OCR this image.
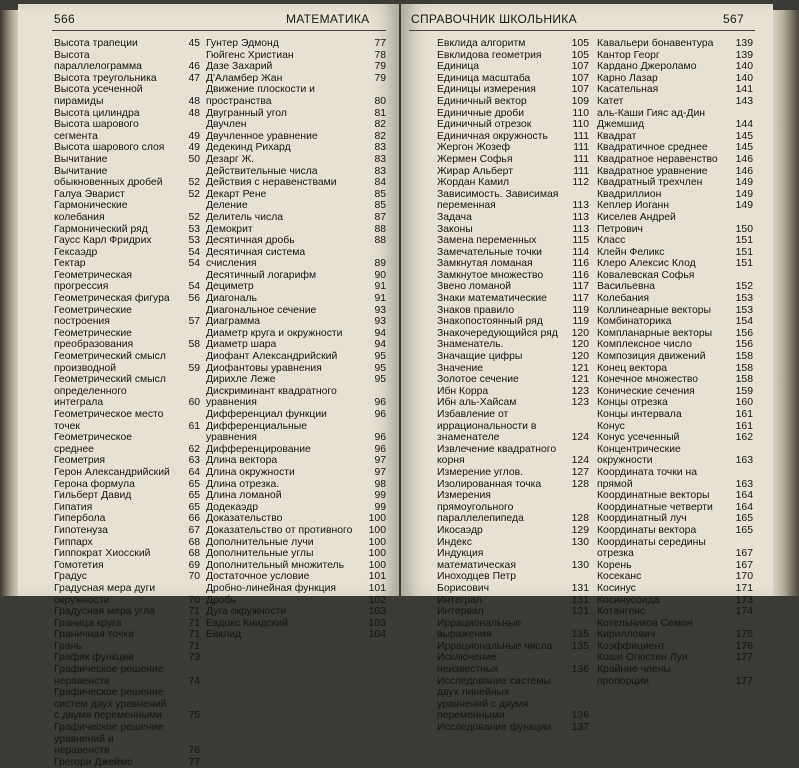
566	МАТЕМАТИКА
Высота трапеции	45
Высота параллелограмма	46
Высота треугольника	47
Высота усеченной пирамиды	48
Высота цилиндра	48
Высота шарового сегмента	49
Высота шарового слоя	49
Вычитание	50
Вычитание обыкновенных дробей	52
Галуа Эварист	52
Гармонические колебания	52
Гармонический ряд	53
Гаусс Карл Фридрих	53
Гексаэдр	54
Гектар	54
Геометрическая прогрессия	54
Геометрическая фигура	56
Геометрические построения	57
Геометрические преобразования	58
Геометрический смысл производной	59
Геометрический смысл определенного интеграла	60
Геометрическое место точек	61
Геометрическое среднее	62
Геометрия	63
Герон Александрийский	64
Герона формула	65
Гильберт Давид	65
Гипатия	65
Гипербола	66
Гипотенуза	67
Гиппарх	68
Гиппократ Хиосский	68
Гомотетия	69
Градус	70
Градусная мера дуги окружности	70
Градусная мера угла	71
Граница круга	71
Граничная точка	71
Грань	71
График функции	73
Графическое решение неравенств	74
Графическое решение систем двух уравнений с двумя переменными	75
Графическое решение уравнений и неравенств	76
Грегори Джеймс	77
Гунтер Эдмонд	77
Гюйгенс Христиан	78
Дазе Захарий	79
Д'Аламбер Жан	79
Движение плоскости и пространства	80
Двугранный угол	81
Двучлен	82
Двучленное уравнение	82
Дедекинд Рихард	83
Дезарг Ж.	83
Действительные числа	83
Действия с неравенствами	84
Декарт Рене	85
Деление	85
Делитель числа	87
Демокрит	88
Десятичная дробь	88
Десятичная система счисления	89
Десятичный логарифм	90
Дециметр	91
Диагональ	91
Диагональное сечение	93
Диаграмма	93
Диаметр круга и окружности	94
Диаметр шара	94
Диофант Александрийский	95
Диофантовы уравнения	95
Дирихле Леже	95
Дискриминант квадратного уравнения	96
Дифференциал функции	96
Дифференциальные уравнения	96
Дифференцирование	96
Длина вектора	97
Длина окружности	97
Длина отрезка.	98
Длина ломаной	99
Додекаэдр	99
Доказательство	100
Доказательство от противного	100
Дополнительные лучи	100
Дополнительные углы	100
Дополнительный множитель	100
Достаточное условие	101
Дробно-линейная функция	101
Дробь	102
Дуга окружности	103
Евдокс Книдский	103
Евклид	104
СПРАВОЧНИК ШКОЛЬНИКА	567
Евклида алгоритм	105
Евклидова геометрия	105
Единица	107
Единица масштаба	107
Единицы измерения	107
Единичный вектор	109
Единичные дроби	110
Единичный отрезок	110
Единичная окружность	111
Жергон Жозеф	111
Жермен Софья	111
Жирар Альберт	111
Жордан Камил	112
Зависимость. Зависимая переменная	113
Задача	113
Законы	113
Замена переменных	115
Замечательные точки	114
Замкнутая ломаная	116
Замкнутое множество	116
Звено ломаной	117
Знаки математические	117
Знаков правило	119
Знакопостоянный ряд	119
Знакочередующийся ряд	120
Знаменатель.	120
Значащие цифры	120
Значение	121
Золотое сечение	121
Ибн Корра	123
Ибн аль-Хайсам	123
Избавление от иррациональности в знаменателе	124
Извлечение квадратного корня	124
Измерение углов.	127
Изолированная точка	128
Измерения прямоугольного параллелепипеда	128
Икосаэдр	129
Индекс	130
Индукция математическая	130
Иноходцев Петр Борисович	131
Интеграл	131
Интервал	131
Иррациональные выражения	135
Иррациональные числа	135
Исключение неизвестных	136
Исследование системы двух линейных уравнений с двумя переменными	136
Исследование функции	137
Кавальери бонавентура	139
Кантор Георг	139
Кардано Джероламо	140
Карно Лазар	140
Касательная	141
Катет	143
аль-Каши Гияс ад-Дин Джемшид	144
Квадрат	145
Квадратичное среднее	145
Квадратное неравенство	146
Квадратное уравнение	146
Квадратный трехчлен	149
Квадриллион	149
Кеплер Иоганн	149
Киселев Андрей Петрович	150
Класс	151
Клейн Феликс	151
Клеро Алексис Клод	151
Ковалевская Софья Васильевна	152
Колебания	153
Коллинеарные векторы	153
Комбинаторика	154
Компланарные векторы	156
Комплексное число	156
Композиция движений	158
Конец вектора	158
Конечное множество	158
Конические сечения	159
Концы отрезка	160
Концы интервала	161
Конус	161
Конус усеченный	162
Концентрические окружности	163
Координата точки на прямой	163
Координатные векторы	164
Координатные четверти	164
Координатный луч	165
Координаты вектора	165
Координаты середины отрезка	167
Корень	167
Косеканс	170
Косинус	171
Косинусоида	173
Котангенс	174
Котельников Семен Кириллович	175
Коэффициент	176
Коши Огюстен Луи	177
Крайние члены пропорции	177
